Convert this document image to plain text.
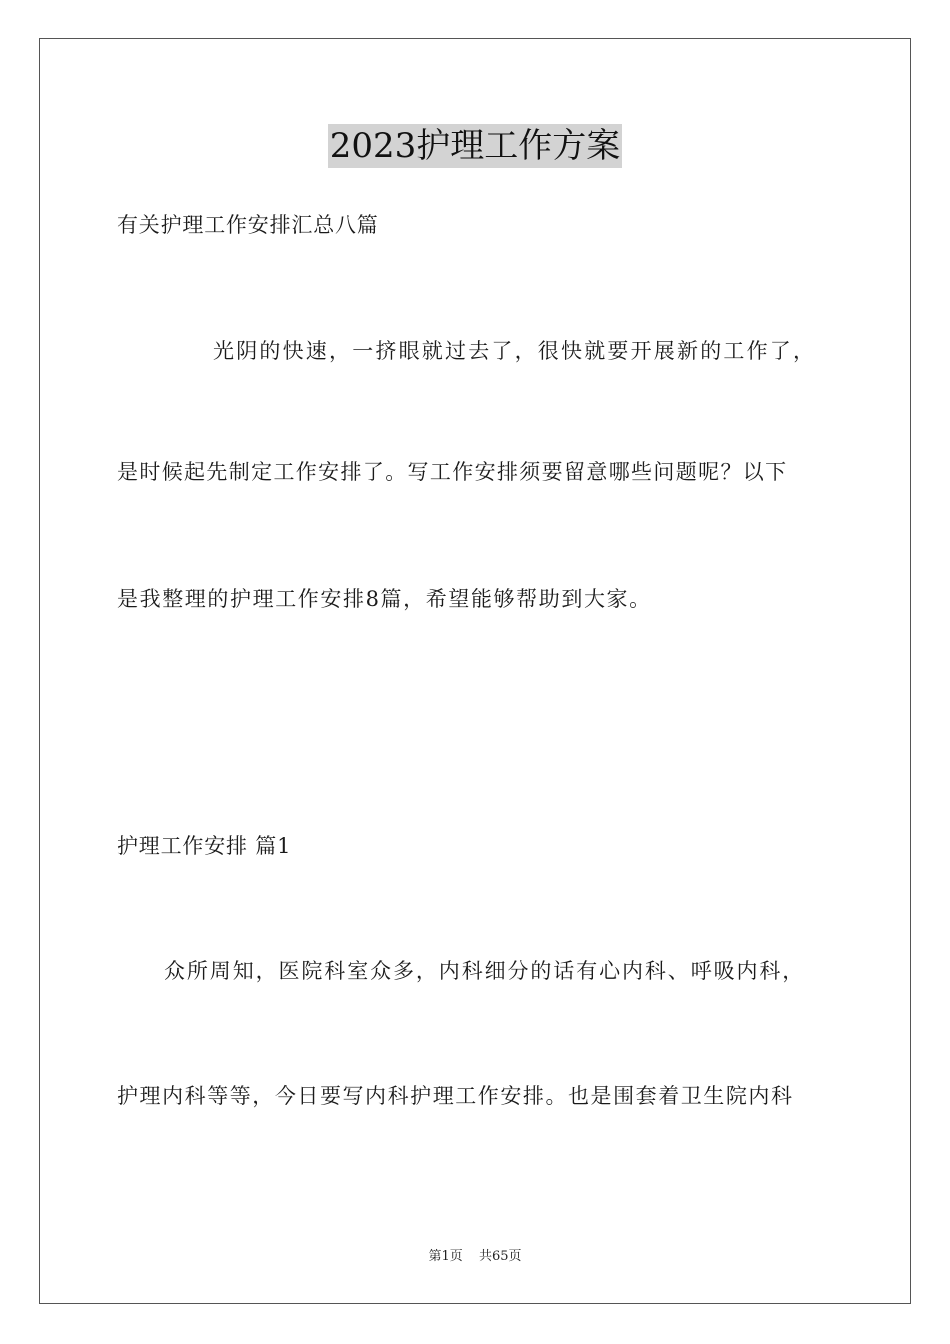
2023护理工作方案
有关护理工作安排汇总八篇
光阴的快速，一挤眼就过去了，很快就要开展新的工作了，
是时候起先制定工作安排了。写工作安排须要留意哪些问题呢？以下
是我整理的护理工作安排8篇，希望能够帮助到大家。
护理工作安排 篇1
众所周知，医院科室众多，内科细分的话有心内科、呼吸内科，
护理内科等等，今日要写内科护理工作安排。也是围套着卫生院内科
第1页 共65页
